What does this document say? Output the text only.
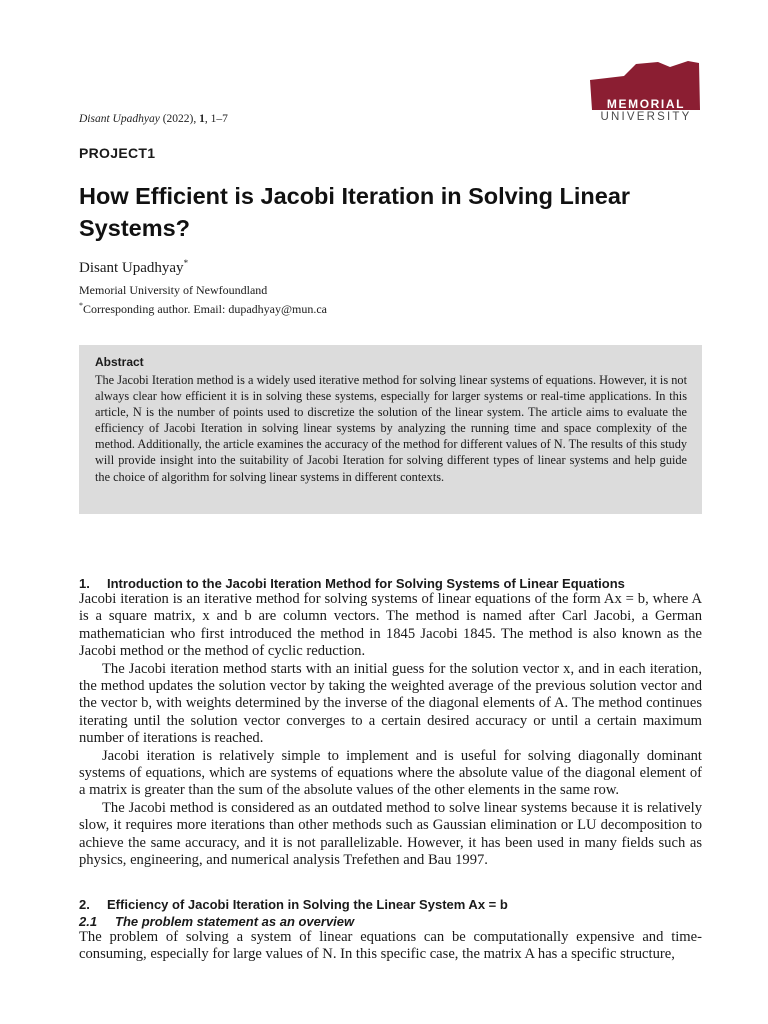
Disant Upadhyay (2022), 1, 1–7
MEMORIAL
UNIVERSITY
PROJECT1
How Efficient is Jacobi Iteration in Solving Linear Systems?
Disant Upadhyay*
Memorial University of Newfoundland
*Corresponding author. Email: dupadhyay@mun.ca
Abstract
The Jacobi Iteration method is a widely used iterative method for solving linear systems of equations. However, it is not always clear how efficient it is in solving these systems, especially for larger systems or real-time applications. In this article, N is the number of points used to discretize the solution of the linear system. The article aims to evaluate the efficiency of Jacobi Iteration in solving linear systems by analyzing the running time and space complexity of the method. Additionally, the article examines the accuracy of the method for different values of N. The results of this study will provide insight into the suitability of Jacobi Iteration for solving different types of linear systems and help guide the choice of algorithm for solving linear systems in different contexts.
1. Introduction to the Jacobi Iteration Method for Solving Systems of Linear Equations

Jacobi iteration is an iterative method for solving systems of linear equations of the form Ax = b, where A is a square matrix, x and b are column vectors. The method is named after Carl Jacobi, a German mathematician who first introduced the method in 1845 Jacobi 1845. The method is also known as the Jacobi method or the method of cyclic reduction.

The Jacobi iteration method starts with an initial guess for the solution vector x, and in each iteration, the method updates the solution vector by taking the weighted average of the previous solution vector and the vector b, with weights determined by the inverse of the diagonal elements of A. The method continues iterating until the solution vector converges to a certain desired accuracy or until a certain maximum number of iterations is reached.

Jacobi iteration is relatively simple to implement and is useful for solving diagonally dominant systems of equations, which are systems of equations where the absolute value of the diagonal element of a matrix is greater than the sum of the absolute values of the other elements in the same row.

The Jacobi method is considered as an outdated method to solve linear systems because it is relatively slow, it requires more iterations than other methods such as Gaussian elimination or LU decomposition to achieve the same accuracy, and it is not parallelizable. However, it has been used in many fields such as physics, engineering, and numerical analysis Trefethen and Bau 1997.

2. Efficiency of Jacobi Iteration in Solving the Linear System Ax = b
2.1 The problem statement as an overview

The problem of solving a system of linear equations can be computationally expensive and time-consuming, especially for large values of N. In this specific case, the matrix A has a specific structure,
